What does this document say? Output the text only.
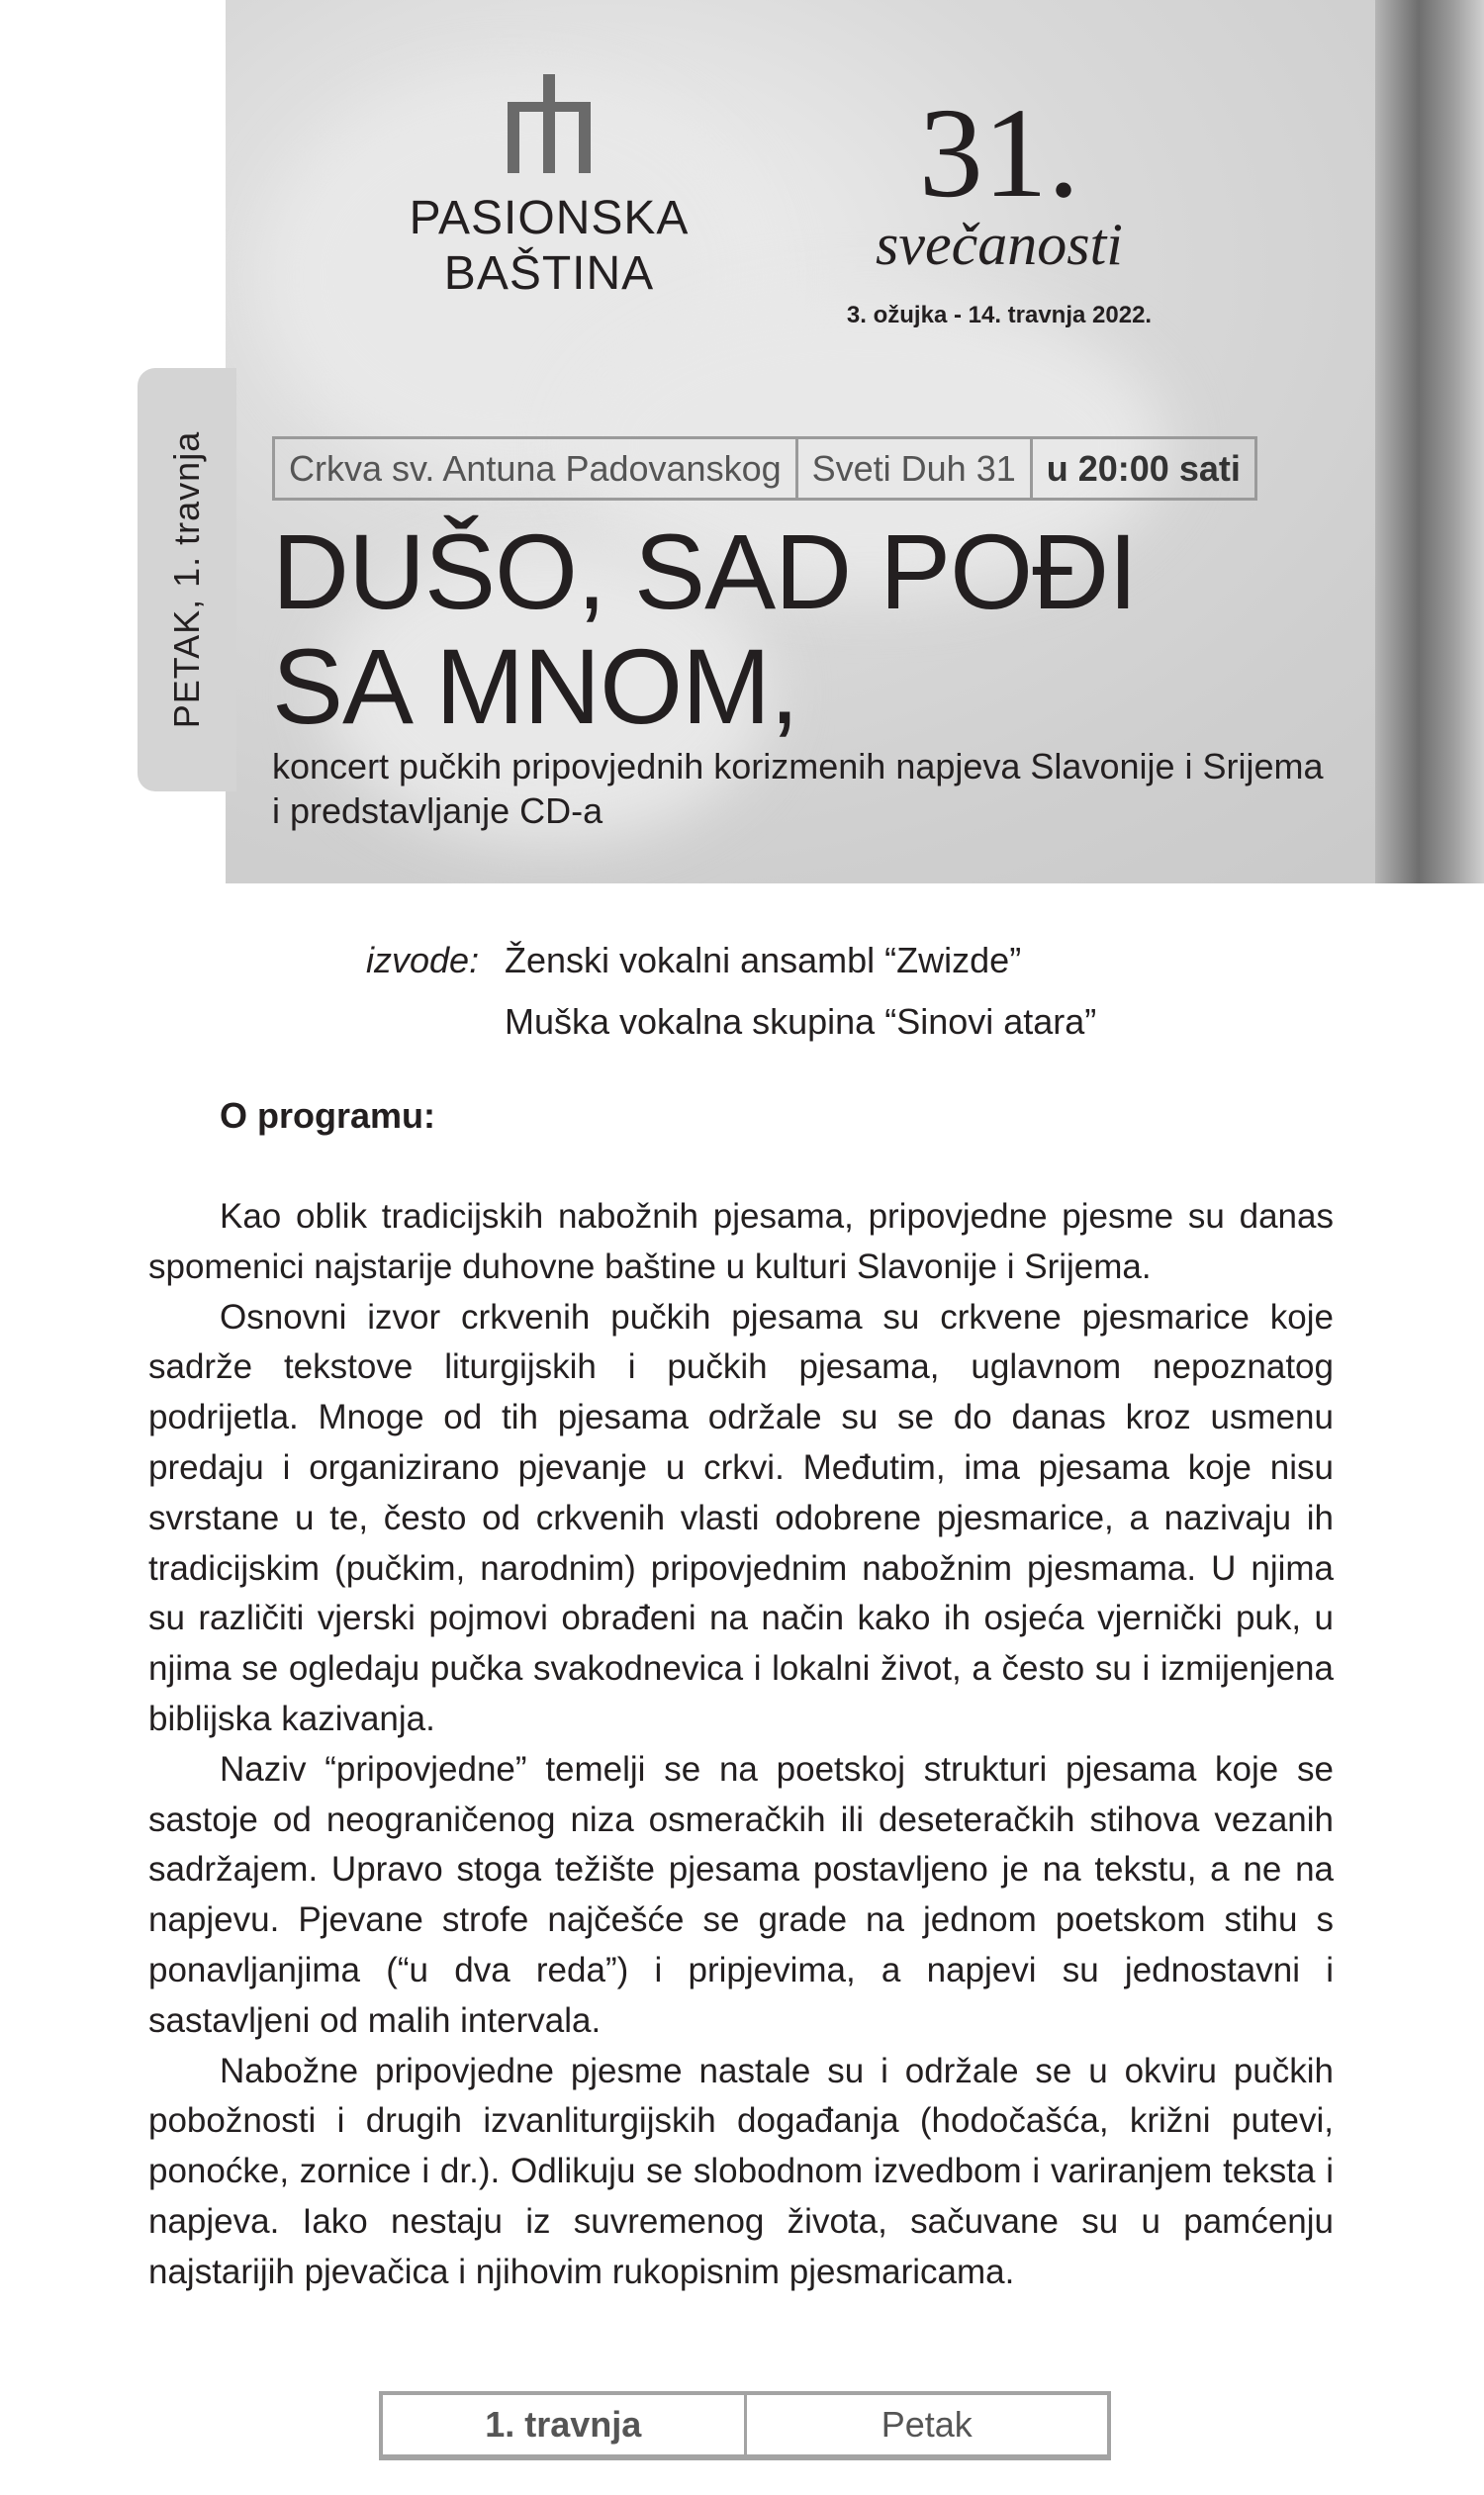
PETAK, 1. travnja
PASIONSKA
BAŠTINA
31.
svečanosti
3. ožujka - 14. travnja 2022.
Crkva sv. Antuna Padovanskog Sveti Duh 31 u 20:00 sati
DUŠO, SAD POĐI
SA MNOM,
koncert pučkih pripovjednih korizmenih napjeva Slavonije i Srijema
i predstavljanje CD-a
izvode: Ženski vokalni ansambl “Zwizde”
Muška vokalna skupina “Sinovi atara”
O programu:

Kao oblik tradicijskih nabožnih pjesama, pripovjedne pjesme su danas spomenici najstarije duhovne baštine u kulturi Slavonije i Srijema.

Osnovni izvor crkvenih pučkih pjesama su crkvene pjesmarice koje sadrže tekstove liturgijskih i pučkih pjesama, uglavnom nepoznatog podrijetla. Mnoge od tih pjesama održale su se do danas kroz usmenu predaju i organizirano pjevanje u crkvi. Međutim, ima pjesama koje nisu svrstane u te, često od crkvenih vlasti odobrene pjesmarice, a nazivaju ih tradicijskim (pučkim, narodnim) pripovjednim nabožnim pjesmama. U njima su različiti vjerski pojmovi obrađeni na način kako ih osjeća vjernički puk, u njima se ogledaju pučka svakodnevica i lokalni život, a često su i izmijenjena biblijska kazivanja.

Naziv “pripovjedne” temelji se na poetskoj strukturi pjesama koje se sastoje od neograničenog niza osmeračkih ili deseteračkih stihova vezanih sadržajem. Upravo stoga težište pjesama postavljeno je na tekstu, a ne na napjevu. Pjevane strofe najčešće se grade na jednom poetskom stihu s ponavljanjima (“u dva reda”) i pripjevima, a napjevi su jednostavni i sastavljeni od malih intervala.

Nabožne pripovjedne pjesme nastale su i održale se u okviru pučkih pobožnosti i drugih izvanliturgijskih događanja (hodočašća, križni putevi, ponoćke, zornice i dr.). Odlikuju se slobodnom izvedbom i variranjem teksta i napjeva. Iako nestaju iz suvremenog života, sačuvane su u pamćenju najstarijih pjevačica i njihovim rukopisnim pjesmaricama.

1. travnja	Petak
